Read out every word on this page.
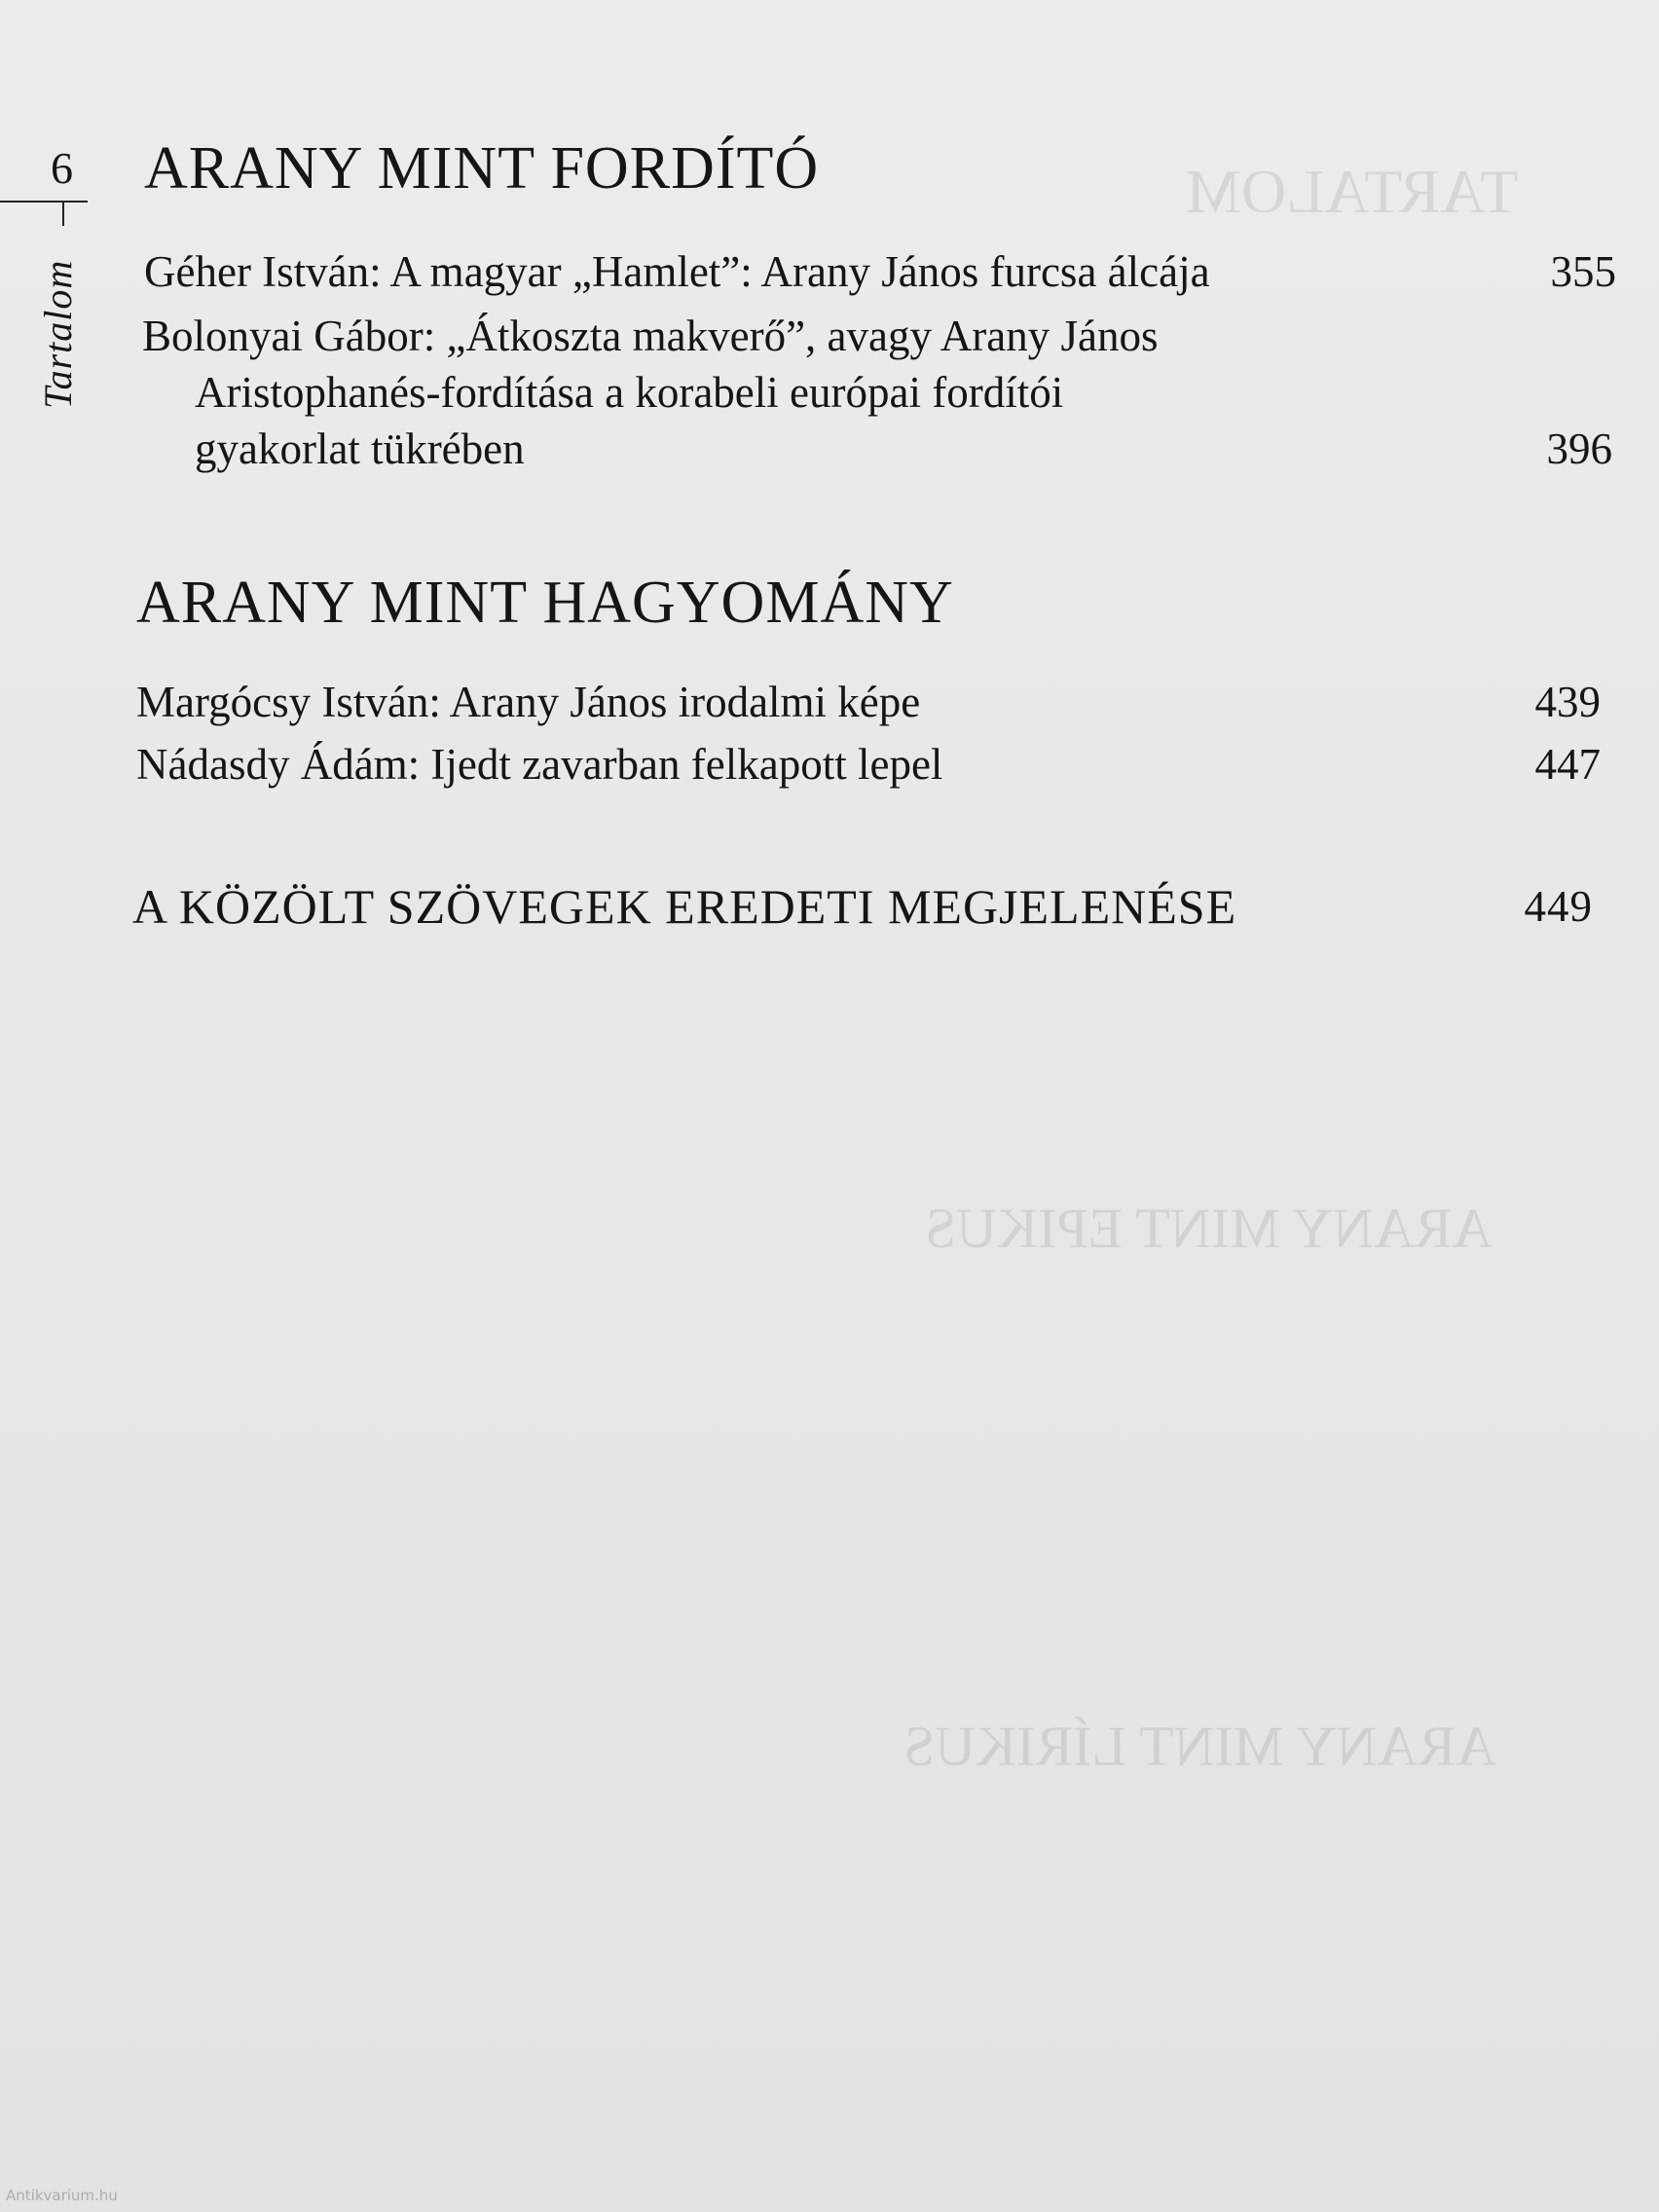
TARTALOM
ARANY MINT EPIKUS
ARANY MINT LÍRIKUS
6
Tartalom
ARANY MINT FORDÍTÓ
Géher István: A magyar „Hamlet”: Arany János furcsa álcája	355
Bolonyai Gábor: „Átkoszta makverő”, avagy Arany János
Aristophanés-fordítása a korabeli európai fordítói
gyakorlat tükrében	396
ARANY MINT HAGYOMÁNY
Margócsy István: Arany János irodalmi képe	439
Nádasdy Ádám: Ijedt zavarban felkapott lepel	447
A KÖZÖLT SZÖVEGEK EREDETI MEGJELENÉSE	449
Antikvarium.hu
